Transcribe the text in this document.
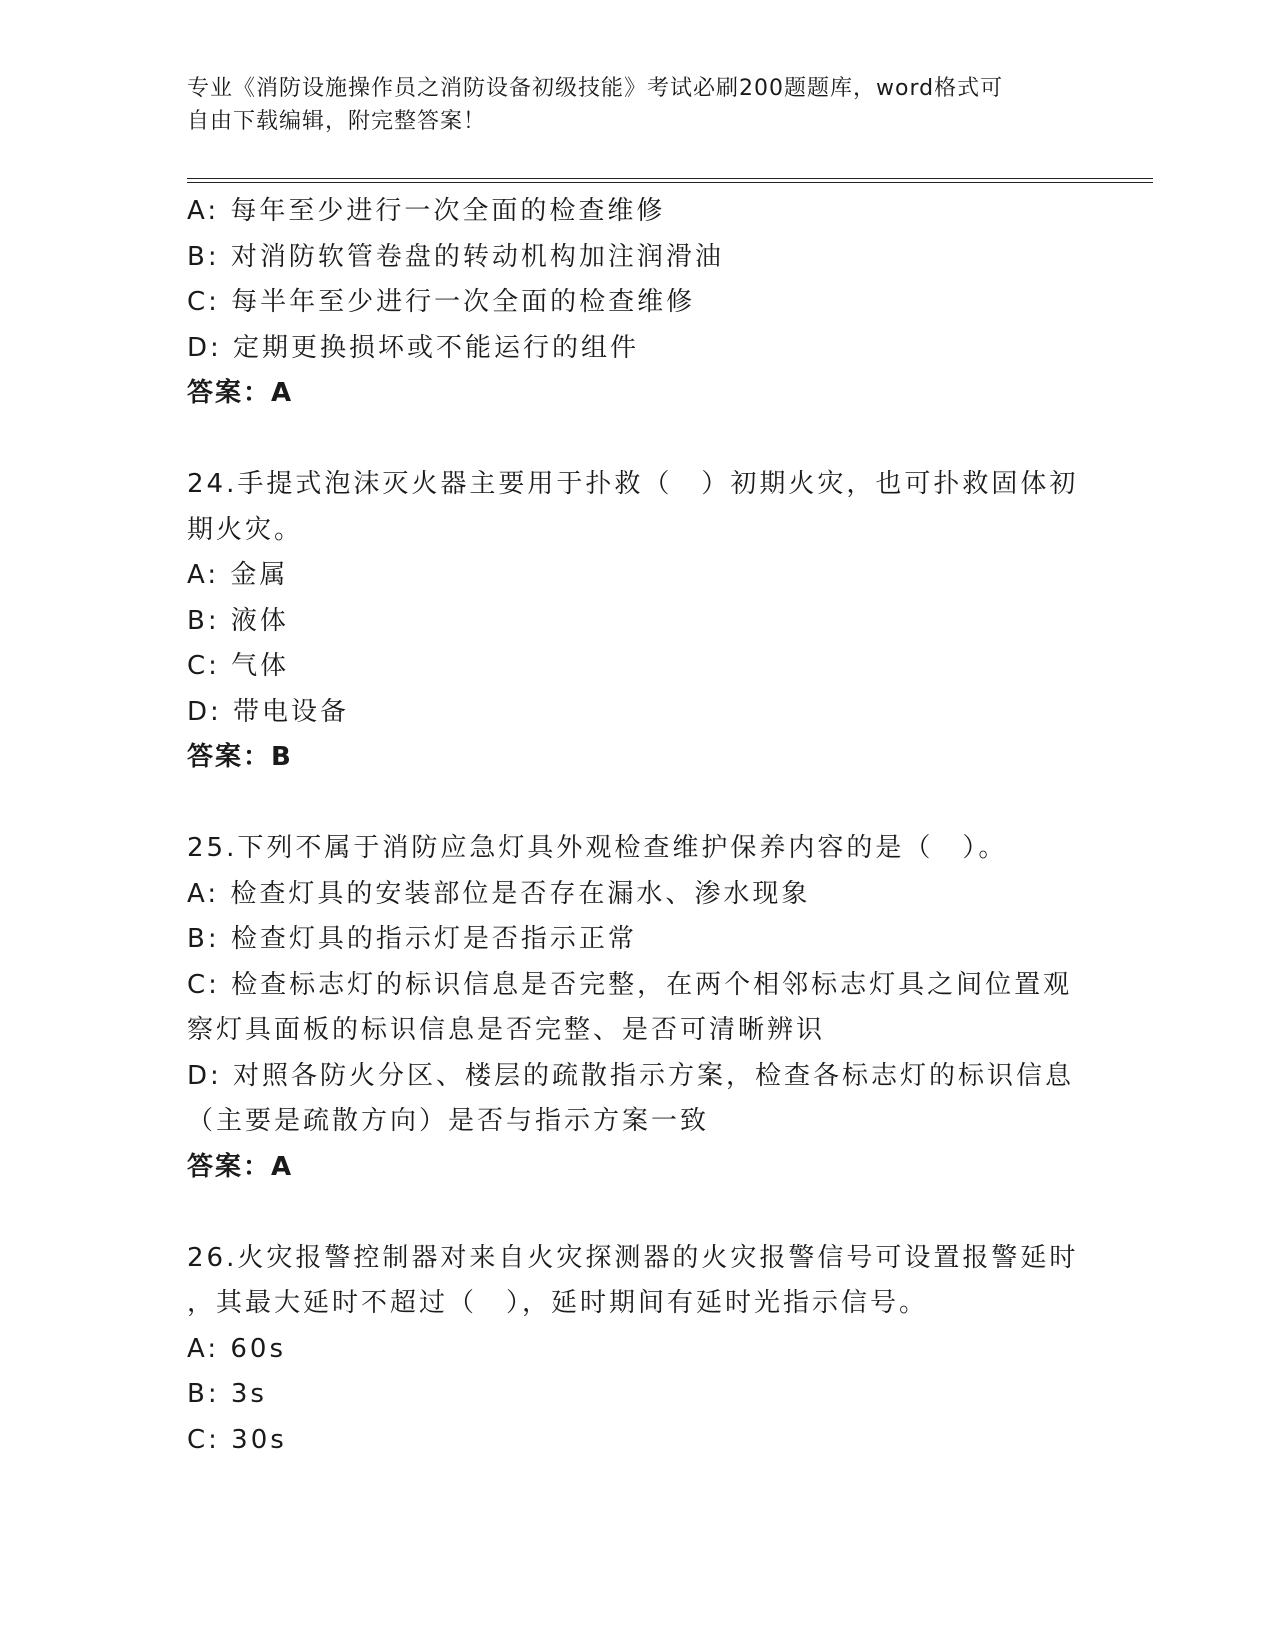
专业《消防设施操作员之消防设备初级技能》考试必刷200题题库，word格式可
自由下载编辑，附完整答案！
A: 每年至少进行一次全面的检查维修
B: 对消防软管卷盘的转动机构加注润滑油
C: 每半年至少进行一次全面的检查维修
D: 定期更换损坏或不能运行的组件
答案：A
24.手提式泡沫灭火器主要用于扑救（　）初期火灾，也可扑救固体初
期火灾。
A: 金属
B: 液体
C: 气体
D: 带电设备
答案：B
25.下列不属于消防应急灯具外观检查维护保养内容的是（　）。
A: 检查灯具的安装部位是否存在漏水、渗水现象
B: 检查灯具的指示灯是否指示正常
C: 检查标志灯的标识信息是否完整，在两个相邻标志灯具之间位置观
察灯具面板的标识信息是否完整、是否可清晰辨识
D: 对照各防火分区、楼层的疏散指示方案，检查各标志灯的标识信息
（主要是疏散方向）是否与指示方案一致
答案：A
26.火灾报警控制器对来自火灾探测器的火灾报警信号可设置报警延时
，其最大延时不超过（　），延时期间有延时光指示信号。
A: 60s
B: 3s
C: 30s
